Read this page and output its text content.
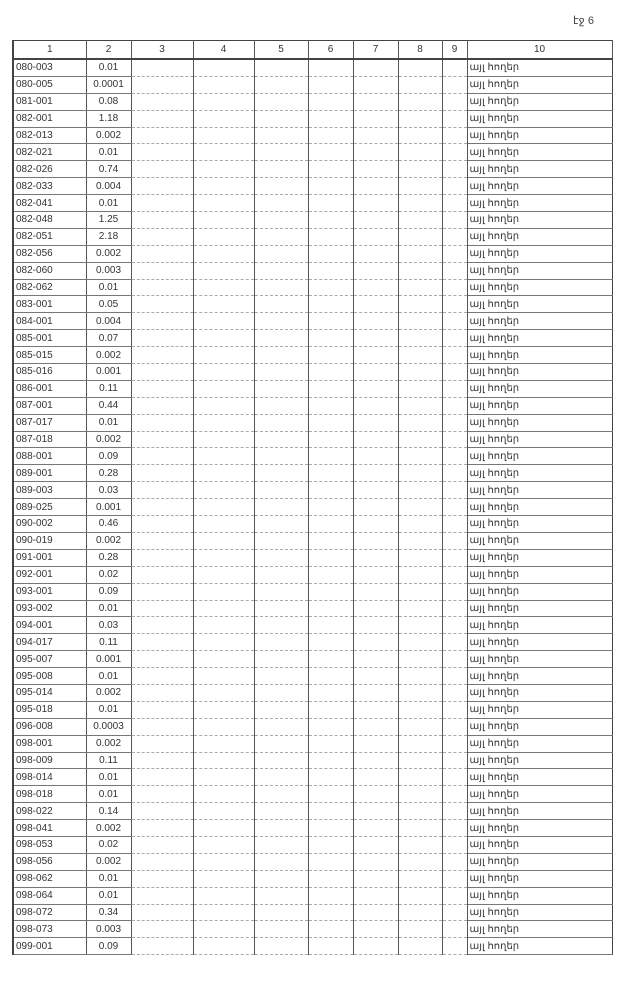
էջ 6
1	2	3	4	5	6	7	8	9	10
080-003	0.01								այլ հողեր
080-005	0.0001								այլ հողեր
081-001	0.08								այլ հողեր
082-001	1.18								այլ հողեր
082-013	0.002								այլ հողեր
082-021	0.01								այլ հողեր
082-026	0.74								այլ հողեր
082-033	0.004								այլ հողեր
082-041	0.01								այլ հողեր
082-048	1.25								այլ հողեր
082-051	2.18								այլ հողեր
082-056	0.002								այլ հողեր
082-060	0.003								այլ հողեր
082-062	0.01								այլ հողեր
083-001	0.05								այլ հողեր
084-001	0.004								այլ հողեր
085-001	0.07								այլ հողեր
085-015	0.002								այլ հողեր
085-016	0.001								այլ հողեր
086-001	0.11								այլ հողեր
087-001	0.44								այլ հողեր
087-017	0.01								այլ հողեր
087-018	0.002								այլ հողեր
088-001	0.09								այլ հողեր
089-001	0.28								այլ հողեր
089-003	0.03								այլ հողեր
089-025	0.001								այլ հողեր
090-002	0.46								այլ հողեր
090-019	0.002								այլ հողեր
091-001	0.28								այլ հողեր
092-001	0.02								այլ հողեր
093-001	0.09								այլ հողեր
093-002	0.01								այլ հողեր
094-001	0.03								այլ հողեր
094-017	0.11								այլ հողեր
095-007	0.001								այլ հողեր
095-008	0.01								այլ հողեր
095-014	0.002								այլ հողեր
095-018	0.01								այլ հողեր
096-008	0.0003								այլ հողեր
098-001	0.002								այլ հողեր
098-009	0.11								այլ հողեր
098-014	0.01								այլ հողեր
098-018	0.01								այլ հողեր
098-022	0.14								այլ հողեր
098-041	0.002								այլ հողեր
098-053	0.02								այլ հողեր
098-056	0.002								այլ հողեր
098-062	0.01								այլ հողեր
098-064	0.01								այլ հողեր
098-072	0.34								այլ հողեր
098-073	0.003								այլ հողեր
099-001	0.09								այլ հողեր
